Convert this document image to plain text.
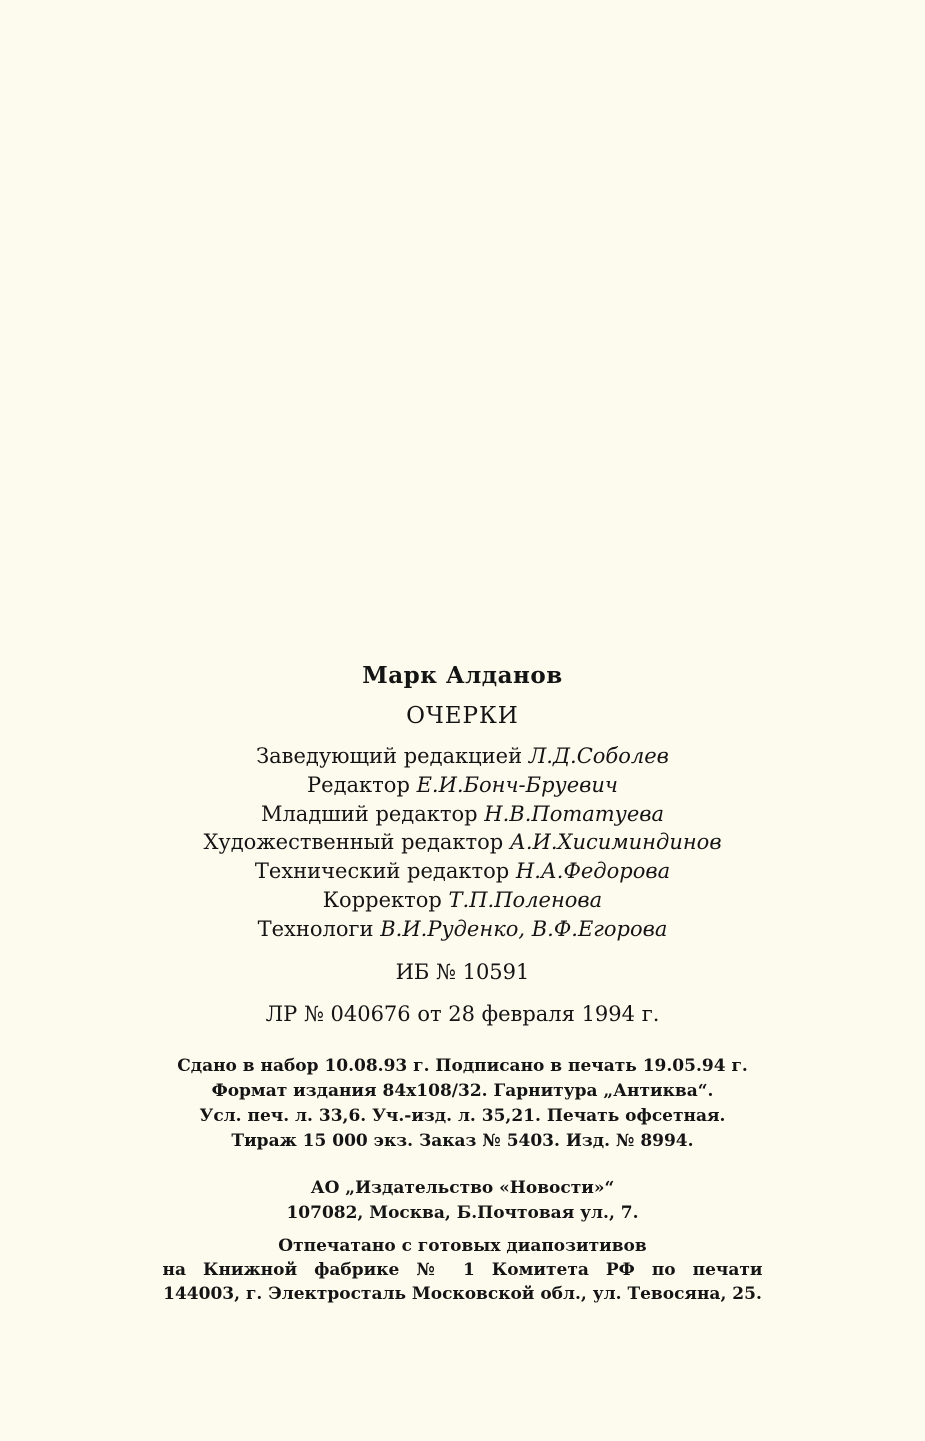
Марк Алданов
ОЧЕРКИ
Заведующий редакцией Л.Д.Соболев
Редактор Е.И.Бонч-Бруевич
Младший редактор Н.В.Потатуева
Художественный редактор А.И.Хисиминдинов
Технический редактор Н.А.Федорова
Корректор Т.П.Поленова
Технологи В.И.Руденко, В.Ф.Егорова
ИБ № 10591
ЛР № 040676 от 28 февраля 1994 г.
Сдано в набор 10.08.93 г. Подписано в печать 19.05.94 г.
Формат издания 84x108/32. Гарнитура „Антиква“.
Усл. печ. л. 33,6. Уч.-изд. л. 35,21. Печать офсетная.
Тираж 15 000 экз. Заказ № 5403. Изд. № 8994.
АО „Издательство «Новости»“
107082, Москва, Б.Почтовая ул., 7.
Отпечатано с готовых диапозитивов
на Книжной фабрике № 1 Комитета РФ по печати
144003, г. Электросталь Московской обл., ул. Тевосяна, 25.
